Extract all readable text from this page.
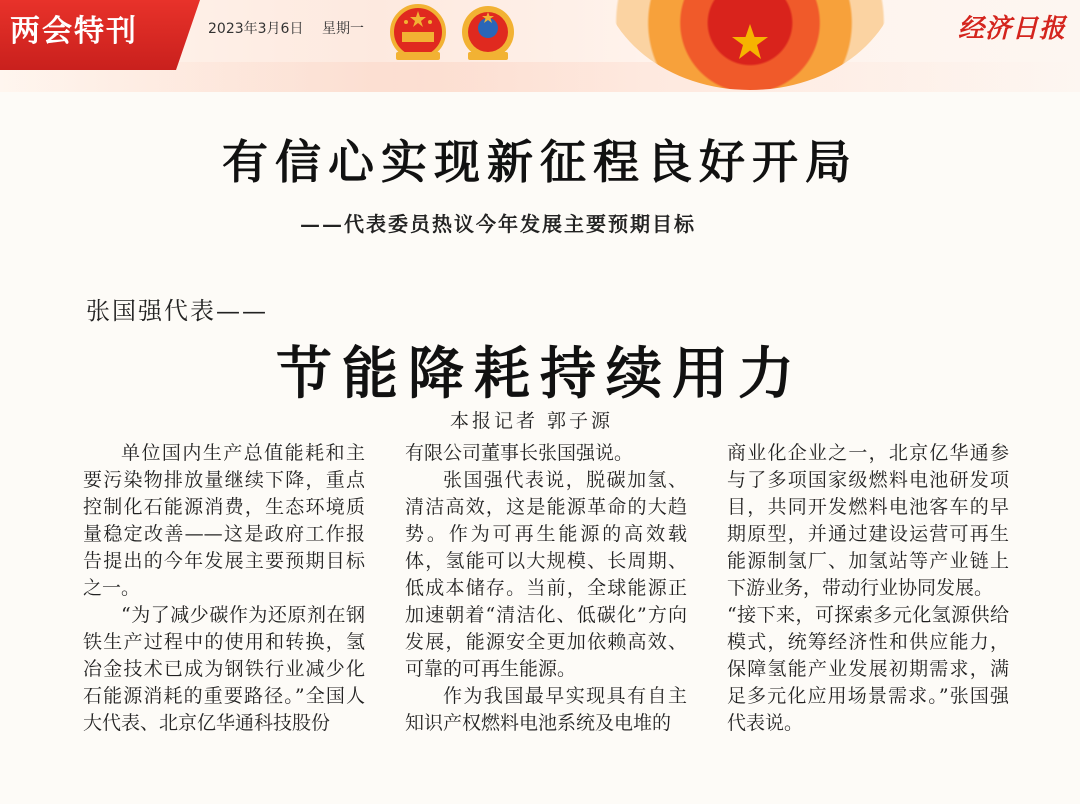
两会特刊	2023年3月6日 星期一	经济日报
有信心实现新征程良好开局
——代表委员热议今年发展主要预期目标
张国强代表——
节能降耗持续用力
本报记者 郭子源

单位国内生产总值能耗和主要污染物排放量继续下降，重点控制化石能源消费，生态环境质量稳定改善——这是政府工作报告提出的今年发展主要预期目标之一。

“为了减少碳作为还原剂在钢铁生产过程中的使用和转换，氢冶金技术已成为钢铁行业减少化石能源消耗的重要路径。”全国人大代表、北京亿华通科技股份

有限公司董事长张国强说。

张国强代表说，脱碳加氢、清洁高效，这是能源革命的大趋势。作为可再生能源的高效载体，氢能可以大规模、长周期、低成本储存。当前，全球能源正加速朝着“清洁化、低碳化”方向发展，能源安全更加依赖高效、可靠的可再生能源。

作为我国最早实现具有自主知识产权燃料电池系统及电堆的

商业化企业之一，北京亿华通参与了多项国家级燃料电池研发项目，共同开发燃料电池客车的早期原型，并通过建设运营可再生能源制氢厂、加氢站等产业链上下游业务，带动行业协同发展。

“接下来，可探索多元化氢源供给模式，统筹经济性和供应能力，保障氢能产业发展初期需求，满足多元化应用场景需求。”张国强代表说。
